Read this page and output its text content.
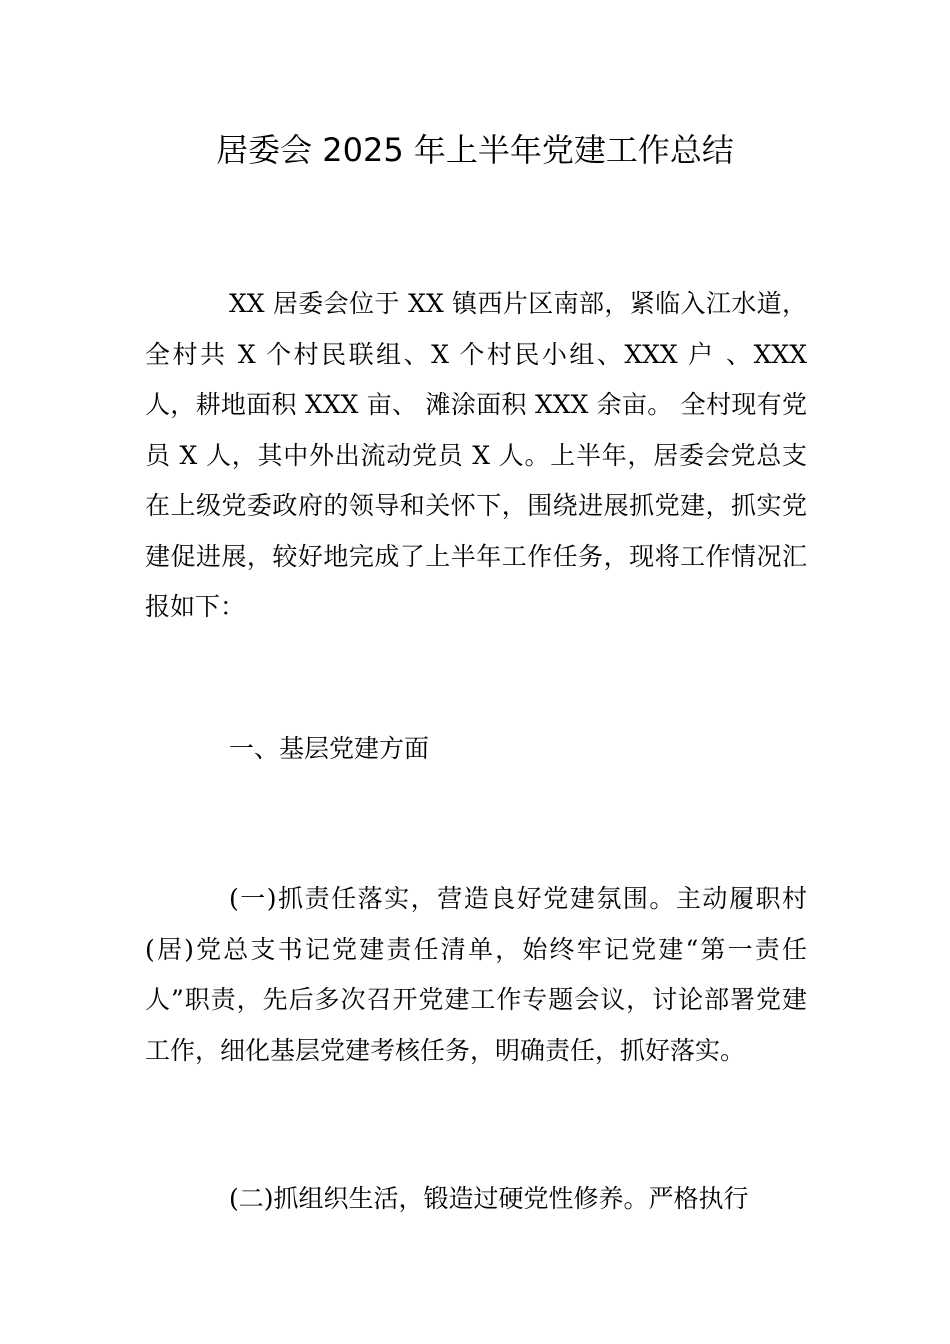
居委会 2025 年上半年党建工作总结

XX 居委会位于 XX 镇西片区南部，紧临入江水道，全村共 X 个村民联组、X 个村民小组、XXX 户 、XXX 人，耕地面积 XXX 亩、 滩涂面积 XXX 余亩。 全村现有党员 X 人，其中外出流动党员 X 人。上半年，居委会党总支在上级党委政府的领导和关怀下，围绕进展抓党建，抓实党建促进展，较好地完成了上半年工作任务，现将工作情况汇报如下：

一、基层党建方面

(一)抓责任落实，营造良好党建氛围。主动履职村(居)党总支书记党建责任清单，始终牢记党建“第一责任人”职责，先后多次召开党建工作专题会议，讨论部署党建工作，细化基层党建考核任务，明确责任，抓好落实。

(二)抓组织生活，锻造过硬党性修养。严格执行
